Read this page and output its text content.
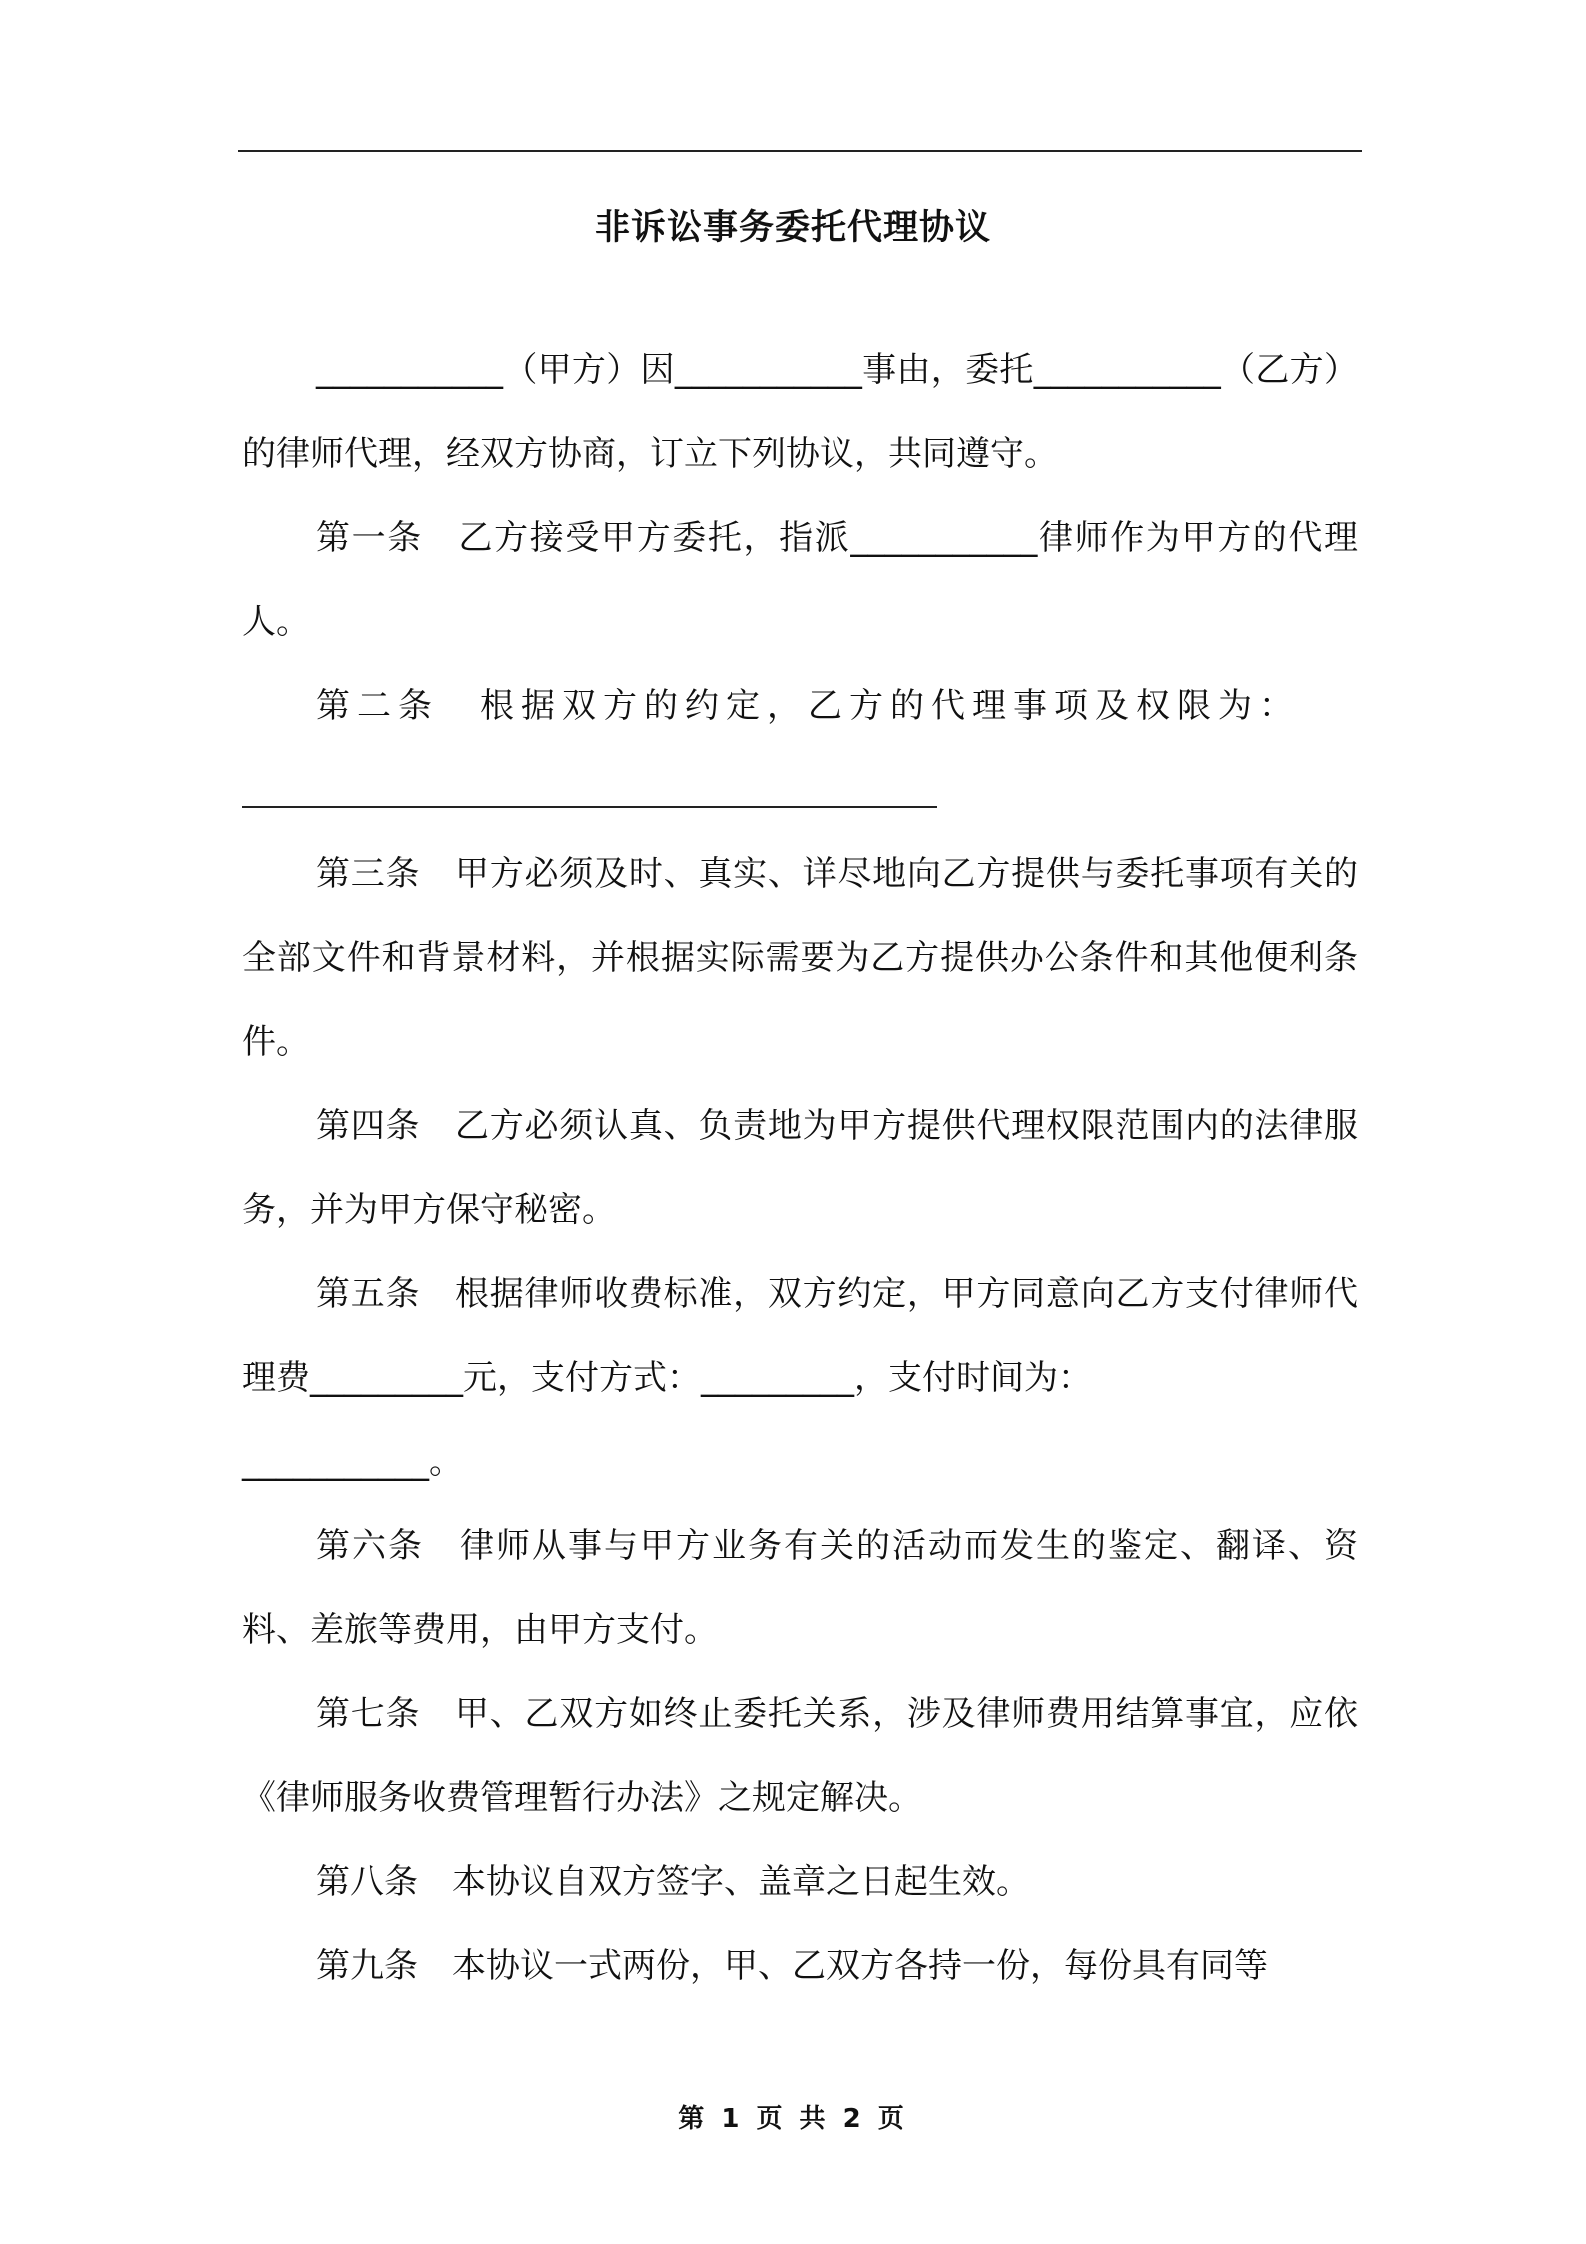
非诉讼事务委托代理协议

___________（甲方）因___________事由，委托___________（乙方）的律师代理，经双方协商，订立下列协议，共同遵守。

第一条　乙方接受甲方委托，指派___________律师作为甲方的代理人。

第二条　根据双方的约定，乙方的代理事项及权限为：

第三条　甲方必须及时、真实、详尽地向乙方提供与委托事项有关的全部文件和背景材料，并根据实际需要为乙方提供办公条件和其他便利条件。

第四条　乙方必须认真、负责地为甲方提供代理权限范围内的法律服务，并为甲方保守秘密。

第五条　根据律师收费标准，双方约定，甲方同意向乙方支付律师代理费_________元，支付方式：_________，支付时间为：

___________。

第六条　律师从事与甲方业务有关的活动而发生的鉴定、翻译、资料、差旅等费用，由甲方支付。

第七条　甲、乙双方如终止委托关系，涉及律师费用结算事宜，应依《律师服务收费管理暂行办法》之规定解决。

第八条　本协议自双方签字、盖章之日起生效。

第九条　本协议一式两份，甲、乙双方各持一份，每份具有同等

第 1 页 共 2 页
